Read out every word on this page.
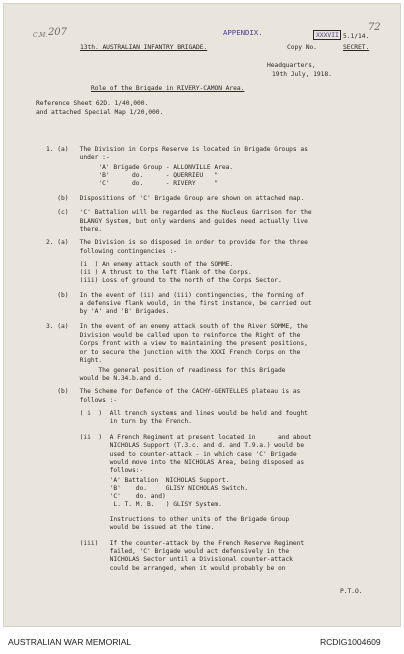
C.M. 207	APPENDIX.	XXXVII 5.1/14.
72
13th. AUSTRALIAN INFANTRY BRIGADE.	Copy No.	SECRET.
Headquarters,
19th July, 1918.
Role of the Brigade in RIVERY-CAMON Area.
Reference Sheet 62D. 1/40,000.
and attached Special Map 1/20,000.
1. (a)   The Division in Corps Reserve is located in Brigade Groups as
under :-
'A' Brigade Group - ALLONVILLE Area.
'B'      do.      - QUERRIEU   "
'C'      do.      - RIVERY     "
(b)   Dispositions of 'C' Brigade Group are shown on attached map.
(c)   'C' Battalion will be regarded as the Nucleus Garrison for the
BLANGY System, but only wardens and guides need actually live
there.
2. (a)   The Division is so disposed in order to provide for the three
following contingencies :-
(i  ) An enemy attack south of the SOMME.
(ii ) A thrust to the left flank of the Corps.
(iii) Loss of ground to the north of the Corps Sector.
(b)   In the event of (ii) and (iii) contingencies, the forming of
a defensive flank would, in the first instance, be carried out
by 'A' and 'B' Brigades.
3. (a)   In the event of an enemy attack south of the River SOMME, the
Division would be called upon to reinforce the Right of the
Corps front with a view to maintaining the present positions,
or to secure the junction with the XXXI French Corps on the
Right.
The general position of readiness for this Brigade
would be N.34.b.and d.
(b)   The Scheme for Defence of the CACHY-GENTELLES plateau is as
follows :-
( i  )  All trench systems and lines would be held and fought
in turn by the French.
(ii  )  A French Regiment at present located in      and about
NICHOLAS Support (T.3.c. and d. and T.9.a.) would be
used to counter-attack - in which case 'C' Brigade
would move into the NICHOLAS Area, being disposed as
follows:-
'A' Battalion  NICHOLAS Support.
'B'    do.     GLISY NICHOLAS Switch.
'C'    do. and)
L. T. M. B.   ) GLISY System.
Instructions to other units of the Brigade Group
would be issued at the time.
(iii)   If the counter-attack by the French Reserve Regiment
failed, 'C' Brigade would act defensively in the
NICHOLAS Sector until a Divisional counter-attack
could be arranged, when it would probably be on
P.T.O.
AUSTRALIAN WAR MEMORIAL	RCDIG1004609
